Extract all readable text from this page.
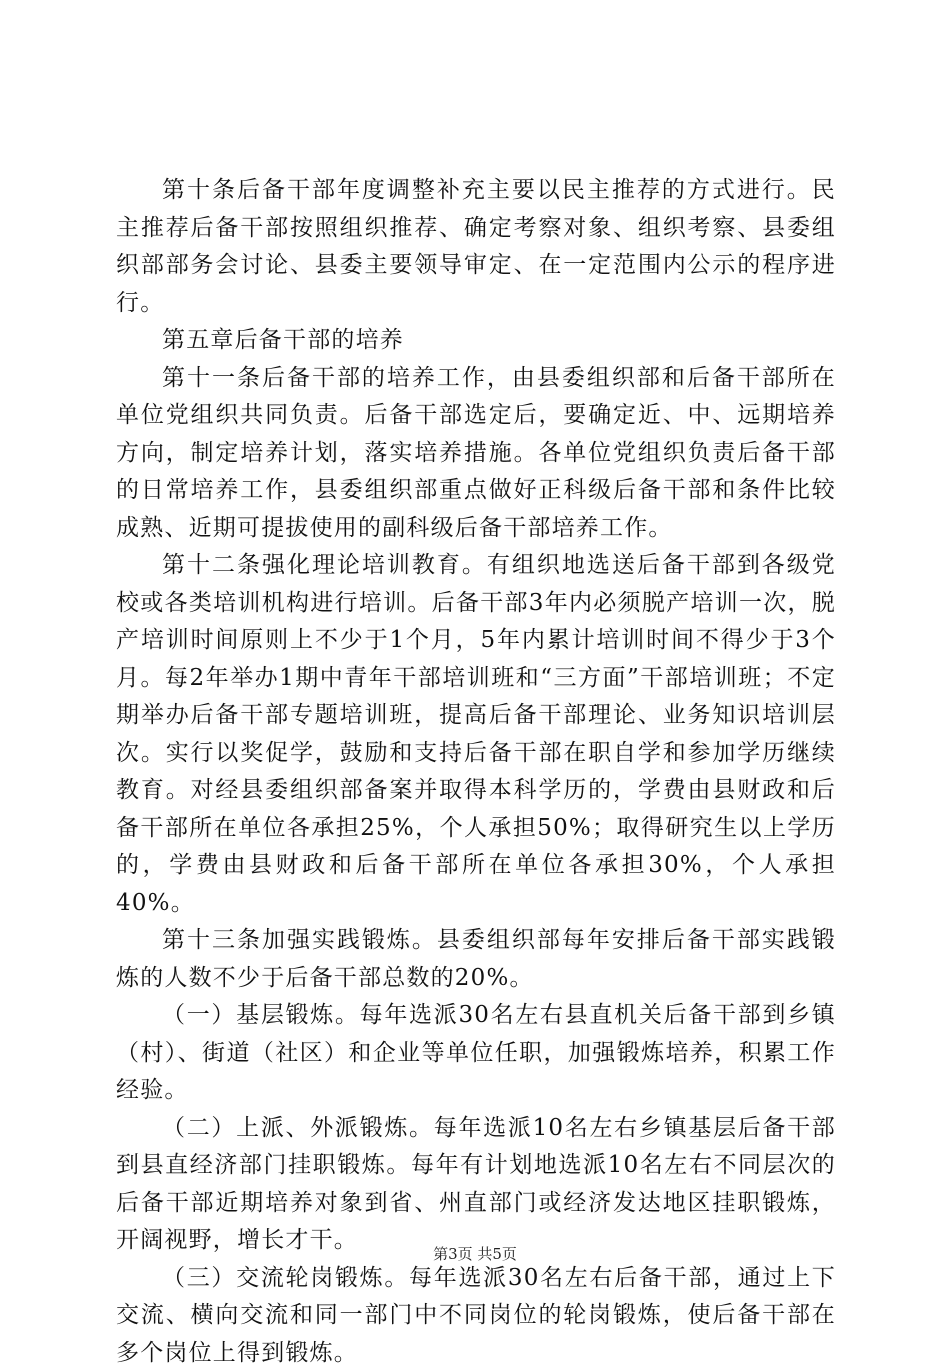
第十条后备干部年度调整补充主要以民主推荐的方式进行。民主推荐后备干部按照组织推荐、确定考察对象、组织考察、县委组织部部务会讨论、县委主要领导审定、在一定范围内公示的程序进行。

第五章后备干部的培养

第十一条后备干部的培养工作，由县委组织部和后备干部所在单位党组织共同负责。后备干部选定后，要确定近、中、远期培养方向，制定培养计划，落实培养措施。各单位党组织负责后备干部的日常培养工作，县委组织部重点做好正科级后备干部和条件比较成熟、近期可提拔使用的副科级后备干部培养工作。

第十二条强化理论培训教育。有组织地选送后备干部到各级党校或各类培训机构进行培训。后备干部3年内必须脱产培训一次，脱产培训时间原则上不少于1个月，5年内累计培训时间不得少于3个月。每2年举办1期中青年干部培训班和“三方面”干部培训班；不定期举办后备干部专题培训班，提高后备干部理论、业务知识培训层次。实行以奖促学，鼓励和支持后备干部在职自学和参加学历继续教育。对经县委组织部备案并取得本科学历的，学费由县财政和后备干部所在单位各承担25%，个人承担50%；取得研究生以上学历的，学费由县财政和后备干部所在单位各承担30%，个人承担40%。

第十三条加强实践锻炼。县委组织部每年安排后备干部实践锻炼的人数不少于后备干部总数的20%。

（一）基层锻炼。每年选派30名左右县直机关后备干部到乡镇（村）、街道（社区）和企业等单位任职，加强锻炼培养，积累工作经验。

（二）上派、外派锻炼。每年选派10名左右乡镇基层后备干部到县直经济部门挂职锻炼。每年有计划地选派10名左右不同层次的后备干部近期培养对象到省、州直部门或经济发达地区挂职锻炼，开阔视野，增长才干。

（三）交流轮岗锻炼。每年选派30名左右后备干部，通过上下交流、横向交流和同一部门中不同岗位的轮岗锻炼，使后备干部在多个岗位上得到锻炼。

第3页 共5页
